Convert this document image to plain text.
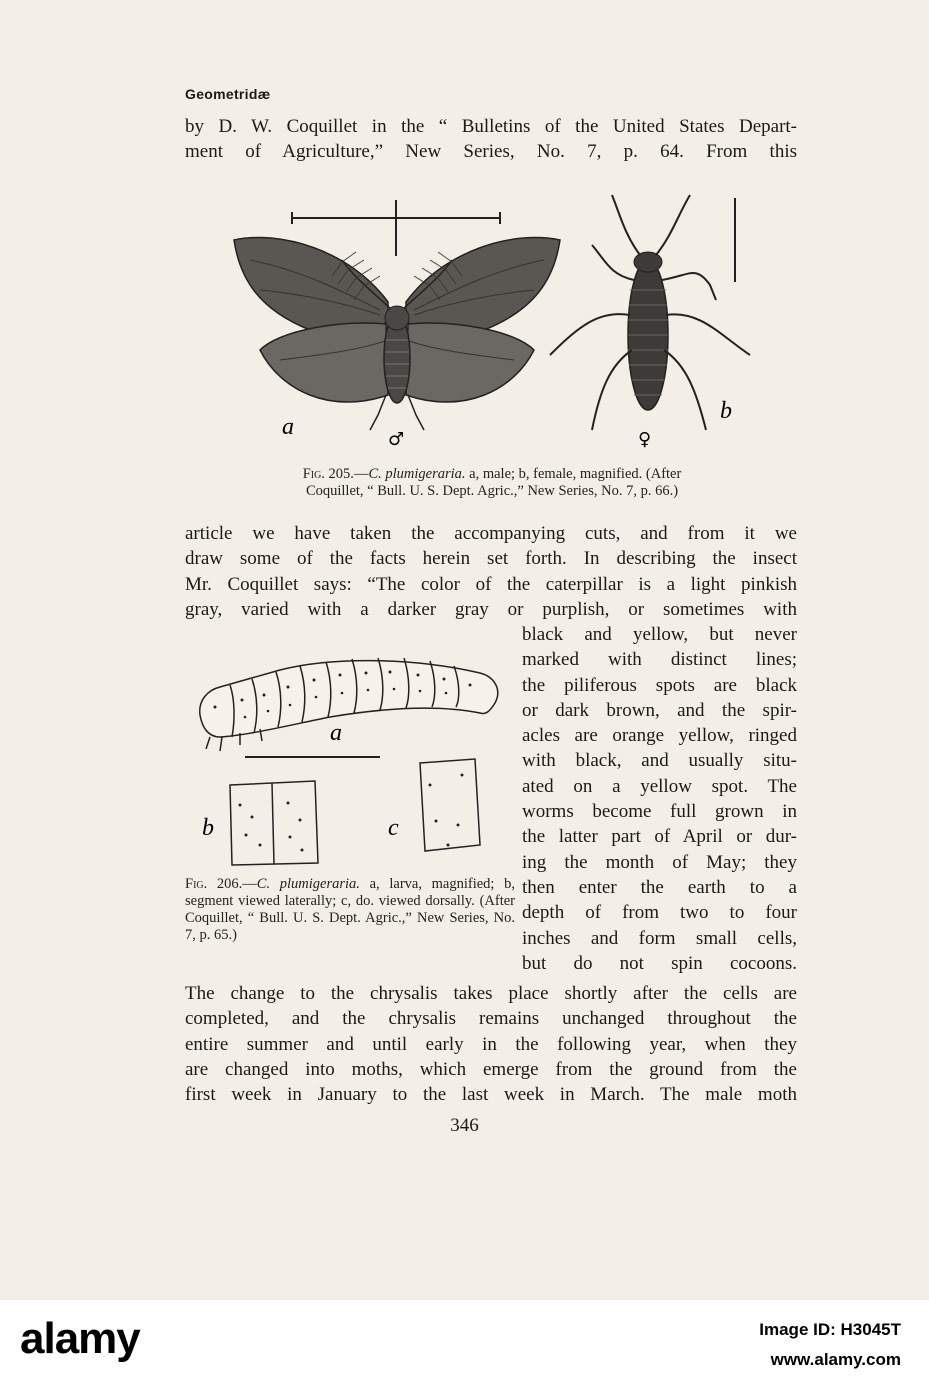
Geometridæ
by D. W. Coquillet in the “ Bulletins of the United States Depart-
ment of Agriculture,” New Series, No. 7, p. 64. From this
a	♂	♀
b
Fig. 205.—C. plumigeraria. a, male; b, female, magnified. (After
Coquillet, “ Bull. U. S. Dept. Agric.,” New Series, No. 7, p. 66.)
article we have taken the accompanying cuts, and from it we
draw some of the facts herein set forth. In describing the insect
Mr. Coquillet says: “The color of the caterpillar is a light pinkish
gray, varied with a darker gray or purplish, or sometimes with
black and yellow, but never
marked with distinct lines;
the piliferous spots are black
or dark brown, and the spir-
acles are orange yellow, ringed
with black, and usually situ-
ated on a yellow spot. The
worms become full grown in
the latter part of April or dur-
ing the month of May; they
then enter the earth to a
depth of from two to four
inches and form small cells,
but do not spin cocoons.
b	c
a
Fig. 206.—C. plumigeraria. a, larva, magnified; b, segment viewed laterally; c, do. viewed dorsally. (After Coquillet, “ Bull. U. S. Dept. Agric.,” New Series, No. 7, p. 65.)
The change to the chrysalis takes place shortly after the cells are
completed, and the chrysalis remains unchanged throughout the
entire summer and until early in the following year, when they
are changed into moths, which emerge from the ground from the
first week in January to the last week in March. The male moth
346
alamy	Image ID: H3045T
www.alamy.com
